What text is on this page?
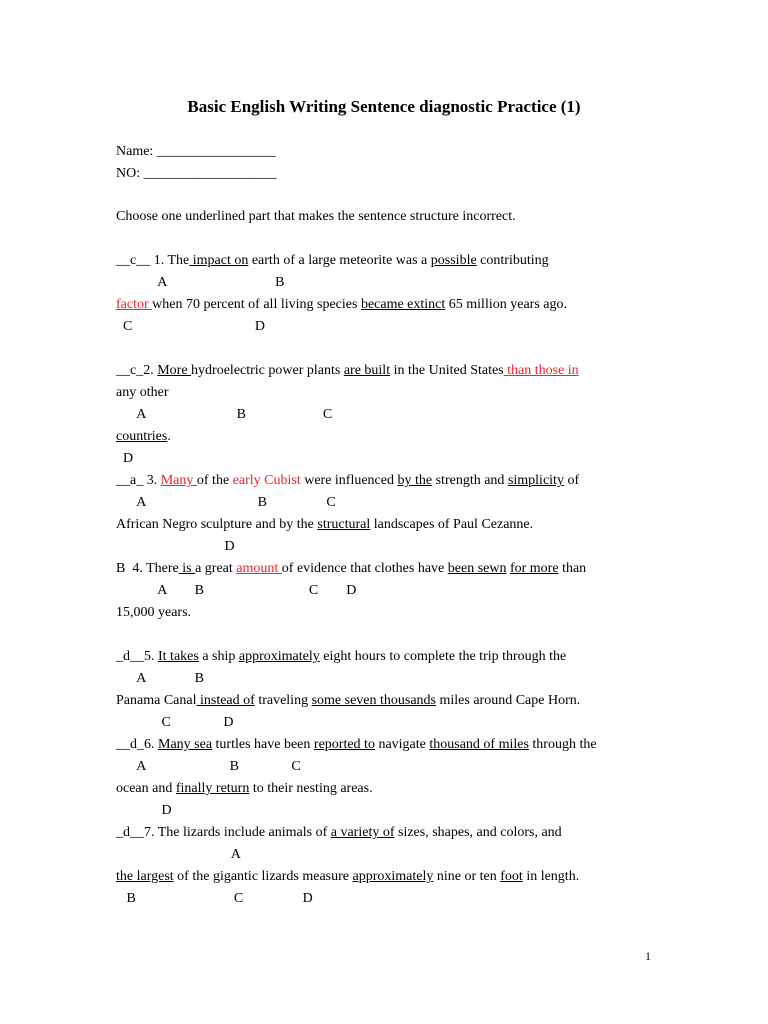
Basic English Writing Sentence diagnostic Practice (1)
Name: _________________
NO: ___________________
Choose one underlined part that makes the sentence structure incorrect.
__c__ 1. The impact on earth of a large meteorite was a possible contributing
A                               B
factor when 70 percent of all living species became extinct 65 million years ago.
C                                   D
__c_2. More hydroelectric power plants are built in the United States than those in
any other
A                          B                      C
countries.
D
__a_ 3. Many of the early Cubist were influenced by the strength and simplicity of
A                                B                 C
African Negro sculpture and by the structural landscapes of Paul Cezanne.
D
B  4. There is a great amount of evidence that clothes have been sewn for more than
A        B                              C        D
15,000 years.
_d__5. It takes a ship approximately eight hours to complete the trip through the
A              B
Panama Canal instead of traveling some seven thousands miles around Cape Horn.
C               D
__d_6. Many sea turtles have been reported to navigate thousand of miles through the
A                        B               C
ocean and finally return to their nesting areas.
D
_d__7. The lizards include animals of a variety of sizes, shapes, and colors, and
A
the largest of the gigantic lizards measure approximately nine or ten foot in length.
B                            C                 D
1
